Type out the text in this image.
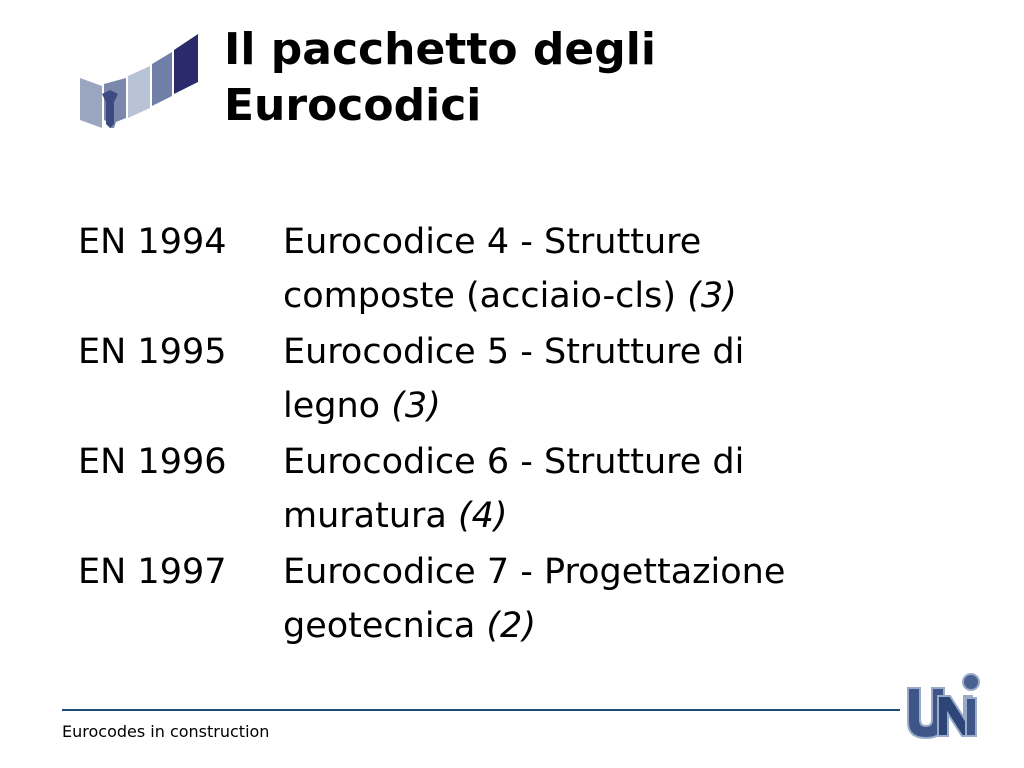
Il pacchetto degli
Eurocodici
EN 1994	Eurocodice 4 - Strutture
composte (acciaio-cls) (3)
EN 1995	Eurocodice 5 - Strutture di
legno (3)
EN 1996	Eurocodice 6 - Strutture di
muratura (4)
EN 1997	Eurocodice 7 - Progettazione
geotecnica (2)
Eurocodes in construction
